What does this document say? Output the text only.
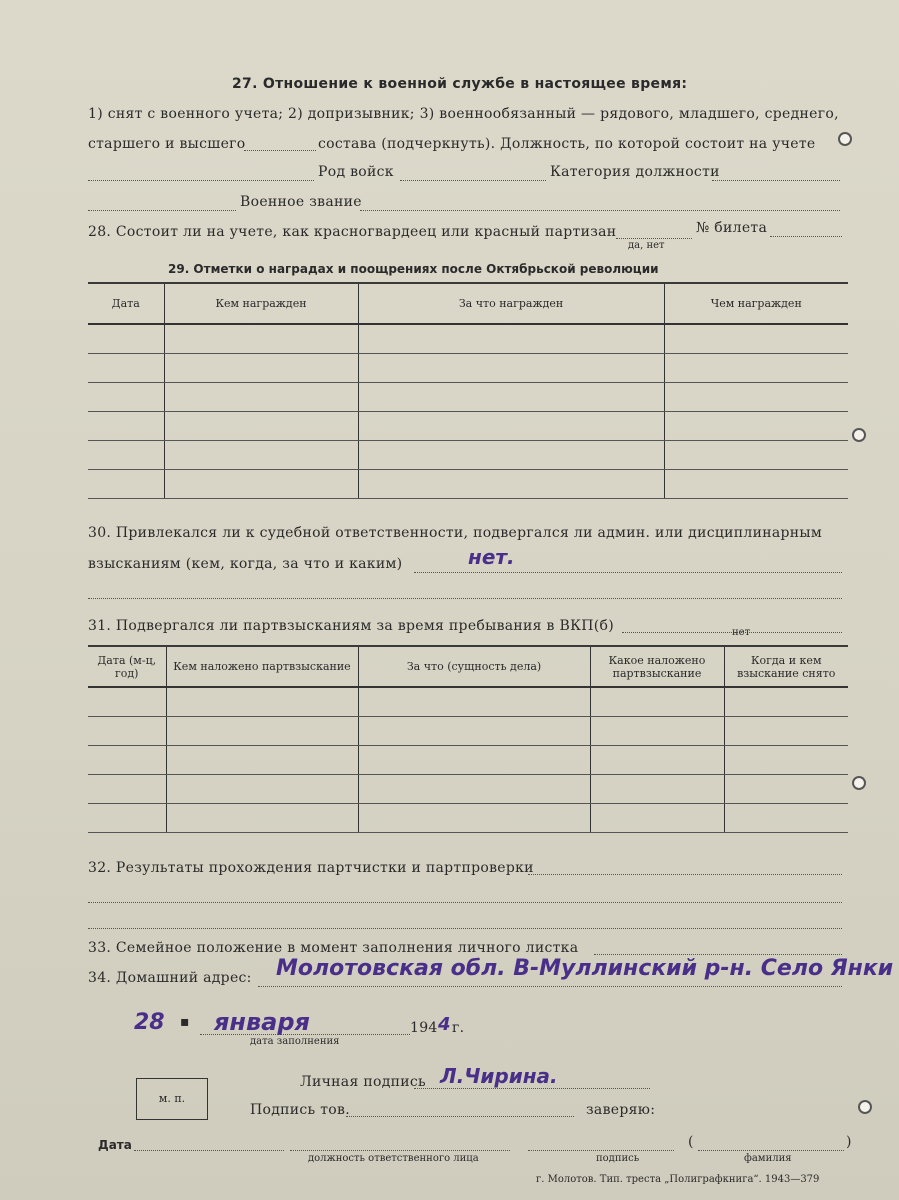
27. Отношение к военной службе в настоящее время:
1) снят с военного учета; 2) допризывник; 3) военнообязанный — рядового, младшего, среднего,
старшего и высшего	состава (подчеркнуть). Должность, по которой состоит на учете
Род войск	Категория должности
Военное звание
28. Состоит ли на учете, как красногвардеец или красный партизан
да, нет
№ билета
29. Отметки о наградах и поощрениях после Октябрьской революции
Дата	Кем награжден	За что награжден	Чем награжден

30. Привлекался ли к судебной ответственности, подвергался ли админ. или дисциплинарным
взысканиям (кем, когда, за что и каким)	нет.
31. Подвергался ли партвзысканиям за время пребывания в ВКП(б)	нет
Дата (м-ц, год)	Кем наложено партвзыскание	За что (сущность дела)	Какое наложено партвзыскание	Когда и кем взыскание снято

32. Результаты прохождения партчистки и партпроверки
33. Семейное положение в момент заполнения личного листка
34. Домашний адрес: Молотовская обл. В-Муллинский р-н. Село Янки
28 ▪ января	194 4 г.
дата заполнения
м. п.
Личная подпись Л.Чирина.
Подпись тов.	заверяю:
Дата	(	)
должность ответственного лица	подпись	фамилия
г. Молотов. Тип. треста „Полиграфкнига“. 1943—379
